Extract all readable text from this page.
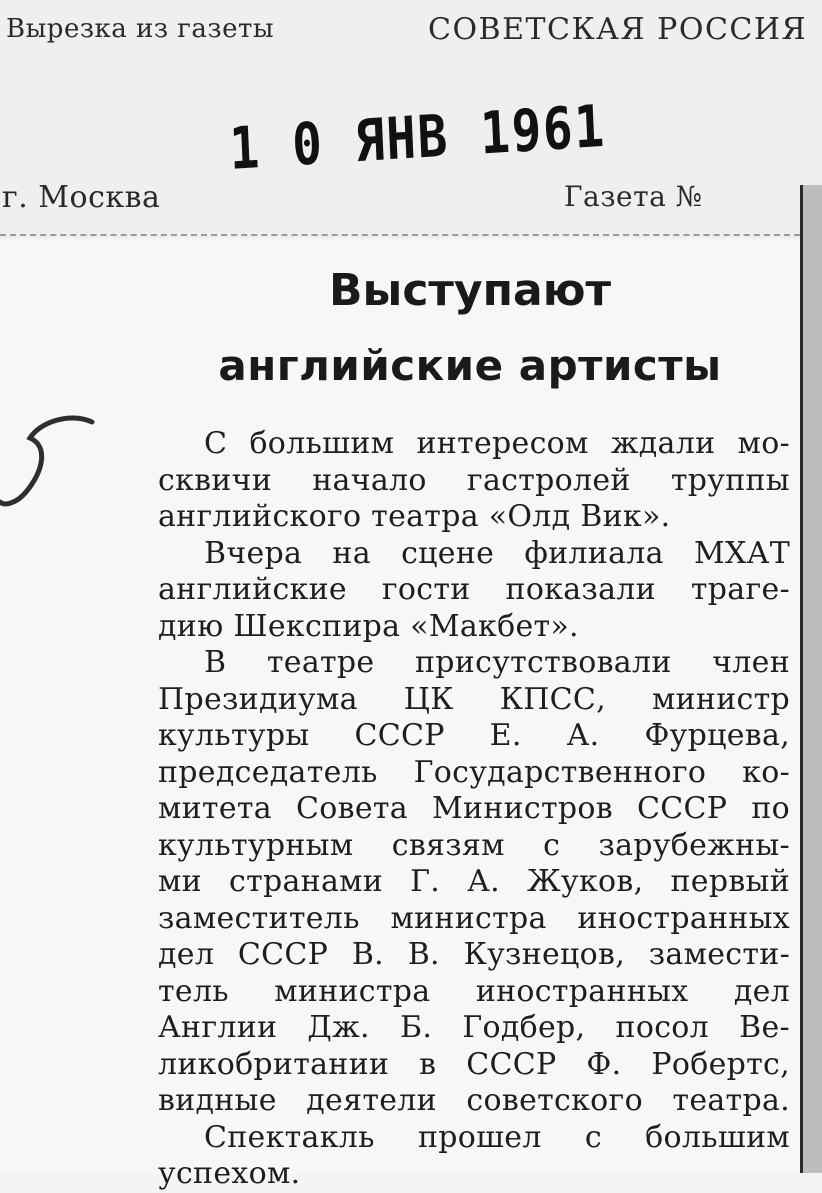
Вырезка из газеты	СОВЕТСКАЯ РОССИЯ
1 0 ЯНВ 1961
г. Москва	Газета №
Выступают
английские артисты
С большим интересом ждали мо-
сквичи начало гастролей труппы
английского театра «Олд Вик».
Вчера на сцене филиала МХАТ
английские гости показали траге-
дию Шекспира «Макбет».
В театре присутствовали член
Президиума ЦК КПСС, министр
культуры СССР Е. А. Фурцева,
председатель Государственного ко-
митета Совета Министров СССР по
культурным связям с зарубежны-
ми странами Г. А. Жуков, первый
заместитель министра иностранных
дел СССР В. В. Кузнецов, замести-
тель министра иностранных дел
Англии Дж. Б. Годбер, посол Ве-
ликобритании в СССР Ф. Робертс,
видные деятели советского театра.
Спектакль прошел с большим
успехом.
